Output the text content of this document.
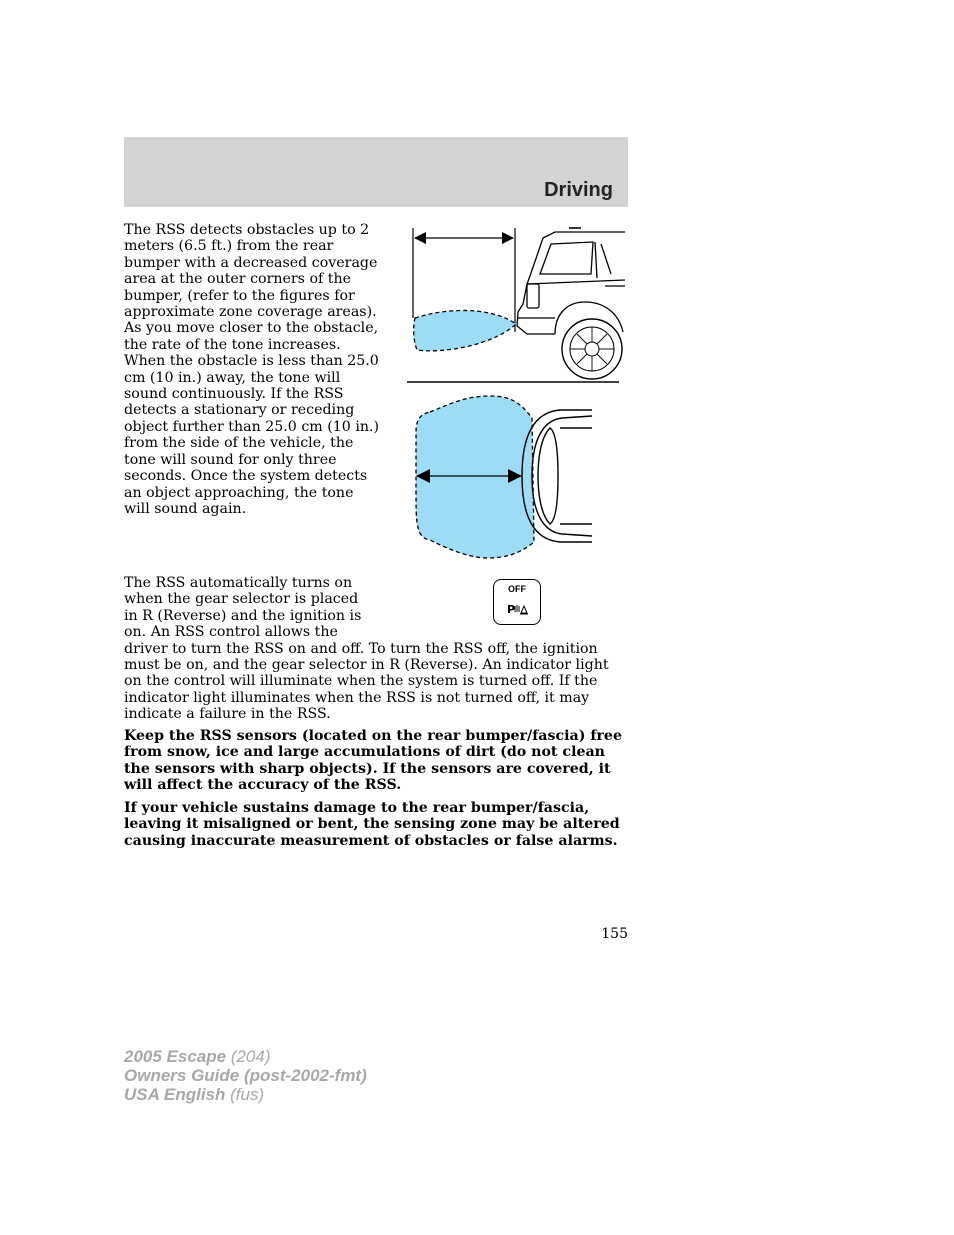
Driving

The RSS detects obstacles up to 2 meters (6.5 ft.) from the rear bumper with a decreased coverage area at the outer corners of the bumper, (refer to the figures for approximate zone coverage areas). As you move closer to the obstacle, the rate of the tone increases. When the obstacle is less than 25.0 cm (10 in.) away, the tone will sound continuously. If the RSS detects a stationary or receding object further than 25.0 cm (10 in.) from the side of the vehicle, the tone will sound for only three seconds. Once the system detects an object approaching, the tone will sound again.

OFF
P

The RSS automatically turns on when the gear selector is placed in R (Reverse) and the ignition is on. An RSS control allows the driver to turn the RSS on and off. To turn the RSS off, the ignition must be on, and the gear selector in R (Reverse). An indicator light on the control will illuminate when the system is turned off. If the indicator light illuminates when the RSS is not turned off, it may indicate a failure in the RSS.

Keep the RSS sensors (located on the rear bumper/fascia) free from snow, ice and large accumulations of dirt (do not clean the sensors with sharp objects). If the sensors are covered, it will affect the accuracy of the RSS.

If your vehicle sustains damage to the rear bumper/fascia, leaving it misaligned or bent, the sensing zone may be altered causing inaccurate measurement of obstacles or false alarms.

155
2005 Escape (204)
Owners Guide (post-2002-fmt)
USA English (fus)
